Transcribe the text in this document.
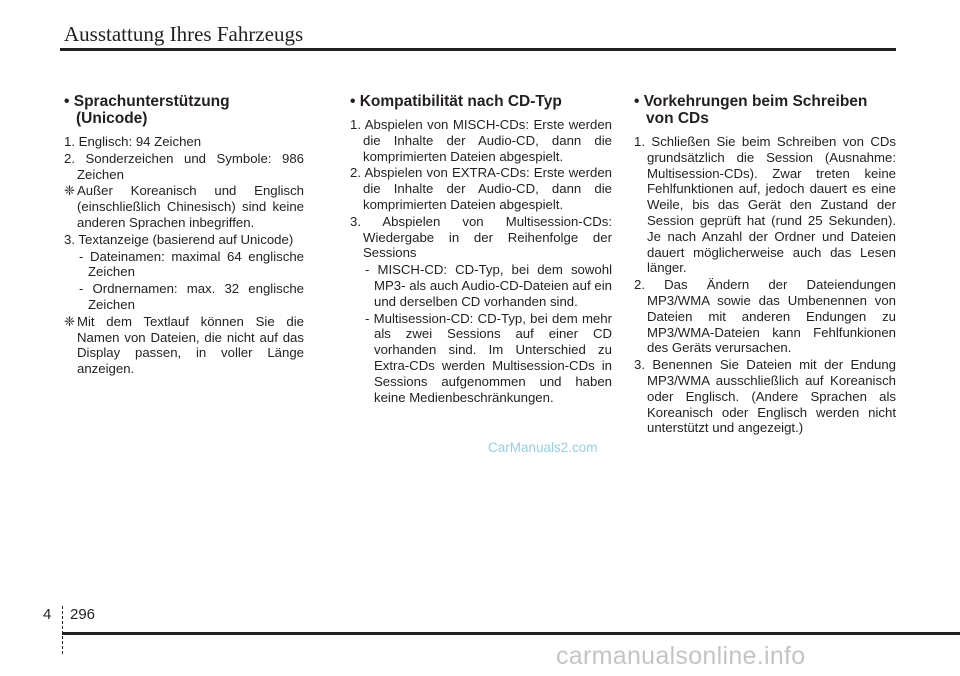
Ausstattung Ihres Fahrzeugs
• Sprachunterstützung (Unicode)
1. Englisch: 94 Zeichen
2. Sonderzeichen und Symbole: 986 Zeichen
❈ Außer Koreanisch und Englisch (einschließlich Chinesisch) sind keine anderen Sprachen inbegriffen.
3. Textanzeige (basierend auf Unicode)
- Dateinamen: maximal 64 englische Zeichen
- Ordnernamen: max. 32 englische Zeichen
❈ Mit dem Textlauf können Sie die Namen von Dateien, die nicht auf das Display passen, in voller Länge anzeigen.
• Kompatibilität nach CD-Typ
1. Abspielen von MISCH-CDs: Erste werden die Inhalte der Audio-CD, dann die komprimierten Dateien abgespielt.
2. Abspielen von EXTRA-CDs: Erste werden die Inhalte der Audio-CD, dann die komprimierten Dateien abgespielt.
3. Abspielen von Multisession-CDs: Wiedergabe in der Reihenfolge der Sessions
- MISCH-CD: CD-Typ, bei dem sowohl MP3- als auch Audio-CD-Dateien auf ein und derselben CD vorhanden sind.
- Multisession-CD: CD-Typ, bei dem mehr als zwei Sessions auf einer CD vorhanden sind. Im Unterschied zu Extra-CDs werden Multisession-CDs in Sessions aufgenommen und haben keine Medienbeschränkungen.
• Vorkehrungen beim Schreiben von CDs
1. Schließen Sie beim Schreiben von CDs grundsätzlich die Session (Ausnahme: Multisession-CDs). Zwar treten keine Fehlfunktionen auf, jedoch dauert es eine Weile, bis das Gerät den Zustand der Session geprüft hat (rund 25 Sekunden). Je nach Anzahl der Ordner und Dateien dauert möglicherweise auch das Lesen länger.
2. Das Ändern der Dateiendungen MP3/WMA sowie das Umbenennen von Dateien mit anderen Endungen zu MP3/WMA-Dateien kann Fehlfunkionen des Geräts verursachen.
3. Benennen Sie Dateien mit der Endung MP3/WMA ausschließlich auf Koreanisch oder Englisch. (Andere Sprachen als Koreanisch oder Englisch werden nicht unterstützt und angezeigt.)
CarManuals2.com
4 296
carmanualsonline.info
